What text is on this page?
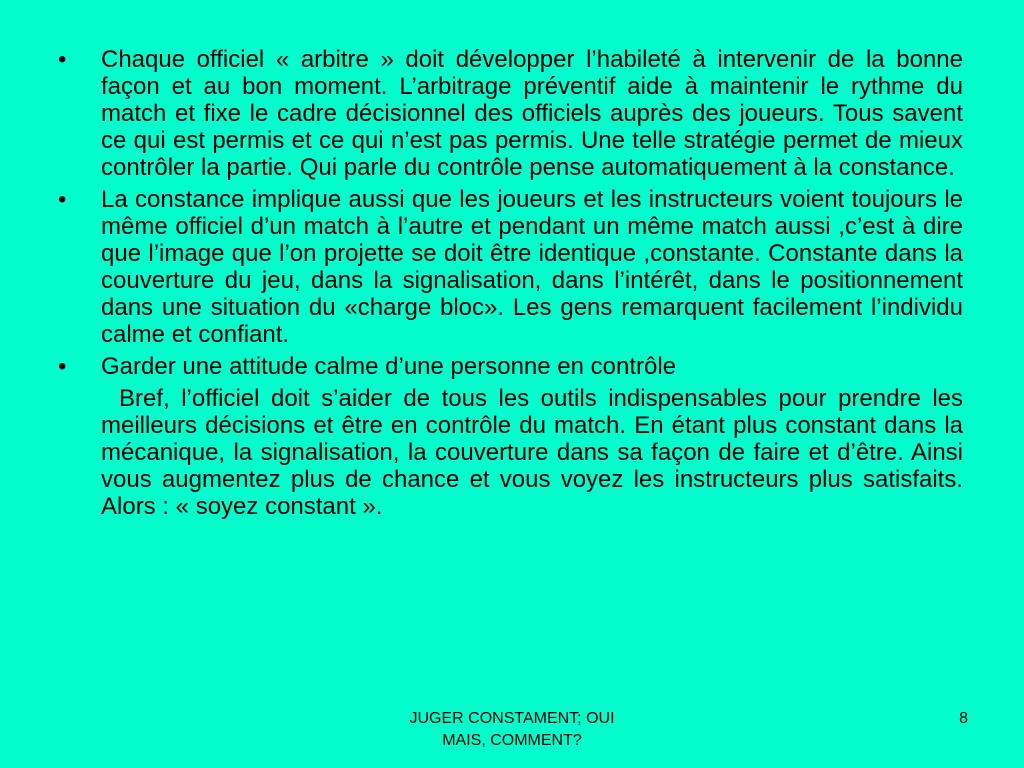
•	Chaque officiel « arbitre » doit développer l’habileté à intervenir de la bonne façon et au bon moment. L’arbitrage préventif aide à maintenir le rythme du match et fixe le cadre décisionnel des officiels auprès des joueurs. Tous savent ce qui est permis et ce qui n’est pas permis. Une telle stratégie permet de mieux contrôler la partie. Qui parle du contrôle pense automatiquement à la constance.
•	La constance implique aussi que les joueurs et les instructeurs voient toujours le même officiel d’un match à l’autre et pendant un même match aussi ,c’est à dire que l’image que l’on projette se doit être identique ,constante. Constante dans la couverture du jeu, dans la signalisation, dans l’intérêt, dans le positionnement dans une situation du «charge bloc». Les gens remarquent facilement l’individu calme et confiant.
•	Garder une attitude calme d’une personne en contrôle

Bref, l’officiel doit s’aider de tous les outils indispensables pour prendre les meilleurs décisions et être en contrôle du match. En étant plus constant dans la mécanique, la signalisation, la couverture dans sa façon de faire et d’être. Ainsi vous augmentez plus de chance et vous voyez les instructeurs plus satisfaits. Alors : « soyez constant ».

JUGER CONSTAMENT; OUI
MAIS, COMMENT?
8
